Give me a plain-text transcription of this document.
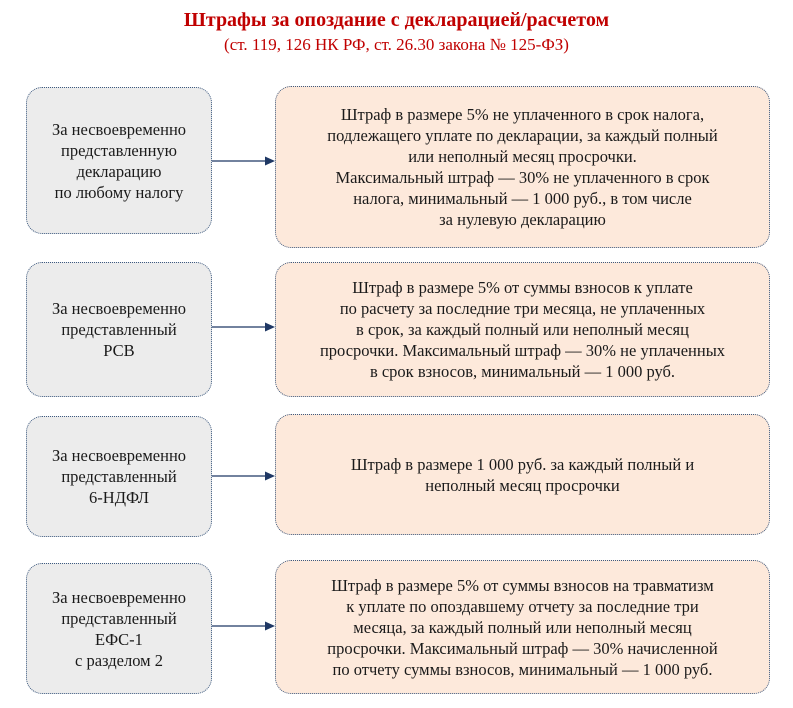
Штрафы за опоздание с декларацией/расчетом
(ст. 119, 126 НК РФ, ст. 26.30 закона № 125-ФЗ)
За несвоевременно
представленную
декларацию
по любому налогу
Штраф в размере 5% не уплаченного в срок налога,
подлежащего уплате по декларации, за каждый полный
или неполный месяц просрочки.
Максимальный штраф — 30% не уплаченного в срок
налога, минимальный — 1 000 руб., в том числе
за нулевую декларацию
За несвоевременно
представленный
РСВ
Штраф в размере 5% от суммы взносов к уплате
по расчету за последние три месяца, не уплаченных
в срок, за каждый полный или неполный месяц
просрочки. Максимальный штраф — 30% не уплаченных
в срок взносов, минимальный — 1 000 руб.
За несвоевременно
представленный
6-НДФЛ
Штраф в размере 1 000 руб. за каждый полный и
неполный месяц просрочки
За несвоевременно
представленный
ЕФС-1
с разделом 2
Штраф в размере 5% от суммы взносов на травматизм
к уплате по опоздавшему отчету за последние три
месяца, за каждый полный или неполный месяц
просрочки. Максимальный штраф — 30% начисленной
по отчету суммы взносов, минимальный — 1 000 руб.
